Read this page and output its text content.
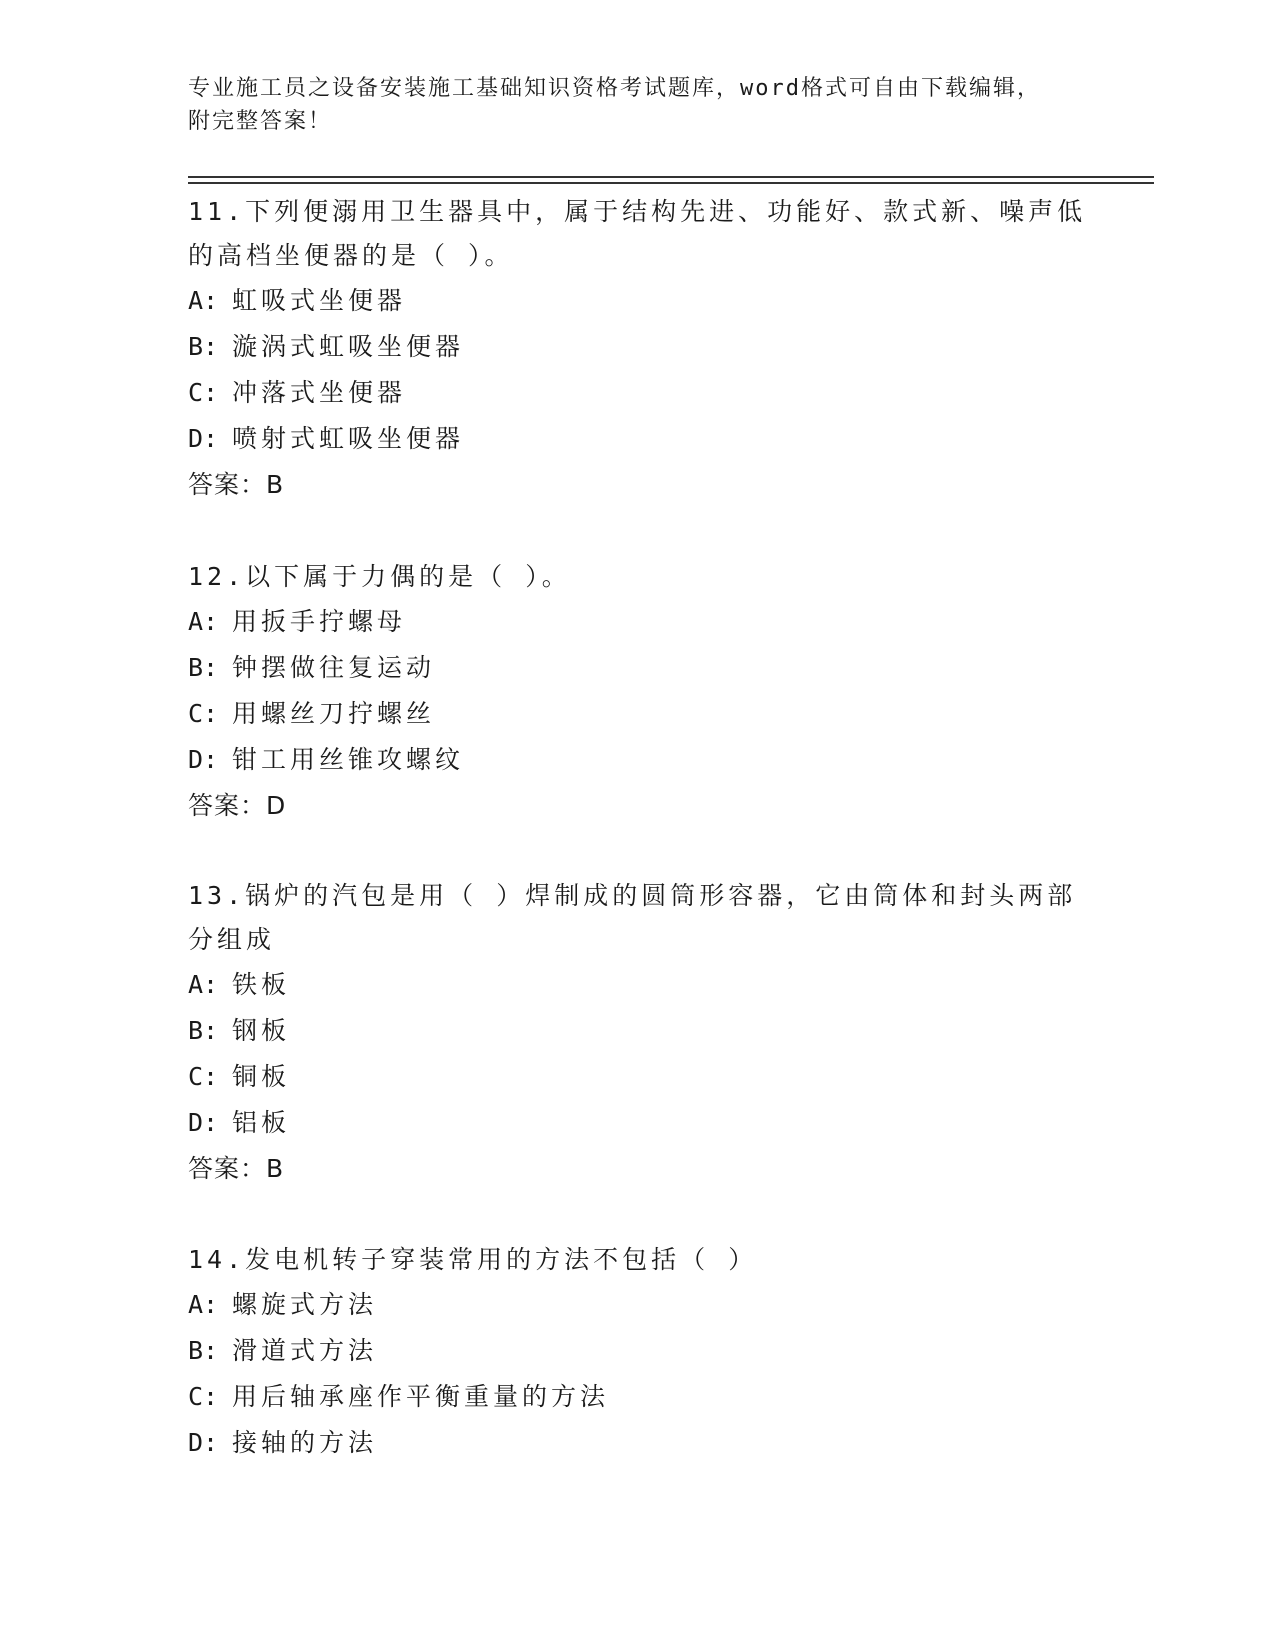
专业施工员之设备安装施工基础知识资格考试题库，word格式可自由下载编辑，
附完整答案！

11.下列便溺用卫生器具中，属于结构先进、功能好、款式新、噪声低

的高档坐便器的是（ ）。

A: 虹吸式坐便器

B: 漩涡式虹吸坐便器

C: 冲落式坐便器

D: 喷射式虹吸坐便器

答案：B

12.以下属于力偶的是（ ）。

A: 用扳手拧螺母

B: 钟摆做往复运动

C: 用螺丝刀拧螺丝

D: 钳工用丝锥攻螺纹

答案：D

13.锅炉的汽包是用（ ）焊制成的圆筒形容器，它由筒体和封头两部

分组成

A: 铁板

B: 钢板

C: 铜板

D: 铝板

答案：B

14.发电机转子穿装常用的方法不包括（ ）

A: 螺旋式方法

B: 滑道式方法

C: 用后轴承座作平衡重量的方法

D: 接轴的方法
